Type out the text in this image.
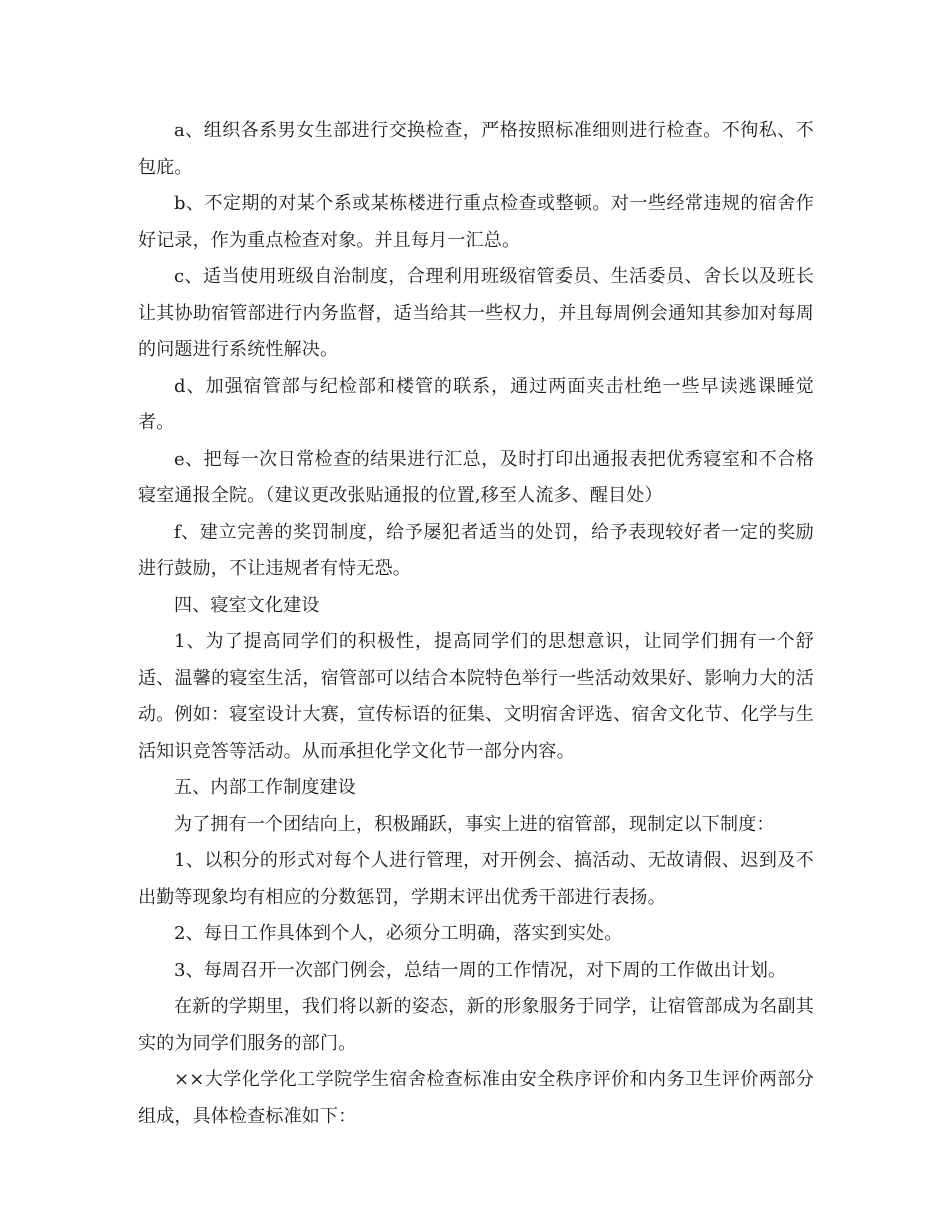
a、组织各系男女生部进行交换检查，严格按照标准细则进行检查。不徇私、不包庇。

b、不定期的对某个系或某栋楼进行重点检查或整顿。对一些经常违规的宿舍作好记录，作为重点检查对象。并且每月一汇总。

c、适当使用班级自治制度，合理利用班级宿管委员、生活委员、舍长以及班长让其协助宿管部进行内务监督，适当给其一些权力，并且每周例会通知其参加对每周的问题进行系统性解决。

d、加强宿管部与纪检部和楼管的联系，通过两面夹击杜绝一些早读逃课睡觉者。

e、把每一次日常检查的结果进行汇总，及时打印出通报表把优秀寝室和不合格寝室通报全院。（建议更改张贴通报的位置,移至人流多、醒目处）

f、建立完善的奖罚制度，给予屡犯者适当的处罚，给予表现较好者一定的奖励进行鼓励，不让违规者有恃无恐。

四、寝室文化建设

1、为了提高同学们的积极性，提高同学们的思想意识，让同学们拥有一个舒适、温馨的寝室生活，宿管部可以结合本院特色举行一些活动效果好、影响力大的活动。例如：寝室设计大赛，宣传标语的征集、文明宿舍评选、宿舍文化节、化学与生活知识竞答等活动。从而承担化学文化节一部分内容。

五、内部工作制度建设

为了拥有一个团结向上，积极踊跃，事实上进的宿管部，现制定以下制度：

1、以积分的形式对每个人进行管理，对开例会、搞活动、无故请假、迟到及不出勤等现象均有相应的分数惩罚，学期末评出优秀干部进行表扬。

2、每日工作具体到个人，必须分工明确，落实到实处。

3、每周召开一次部门例会，总结一周的工作情况，对下周的工作做出计划。

在新的学期里，我们将以新的姿态，新的形象服务于同学，让宿管部成为名副其实的为同学们服务的部门。

××大学化学化工学院学生宿舍检查标准由安全秩序评价和内务卫生评价两部分组成，具体检查标准如下：
